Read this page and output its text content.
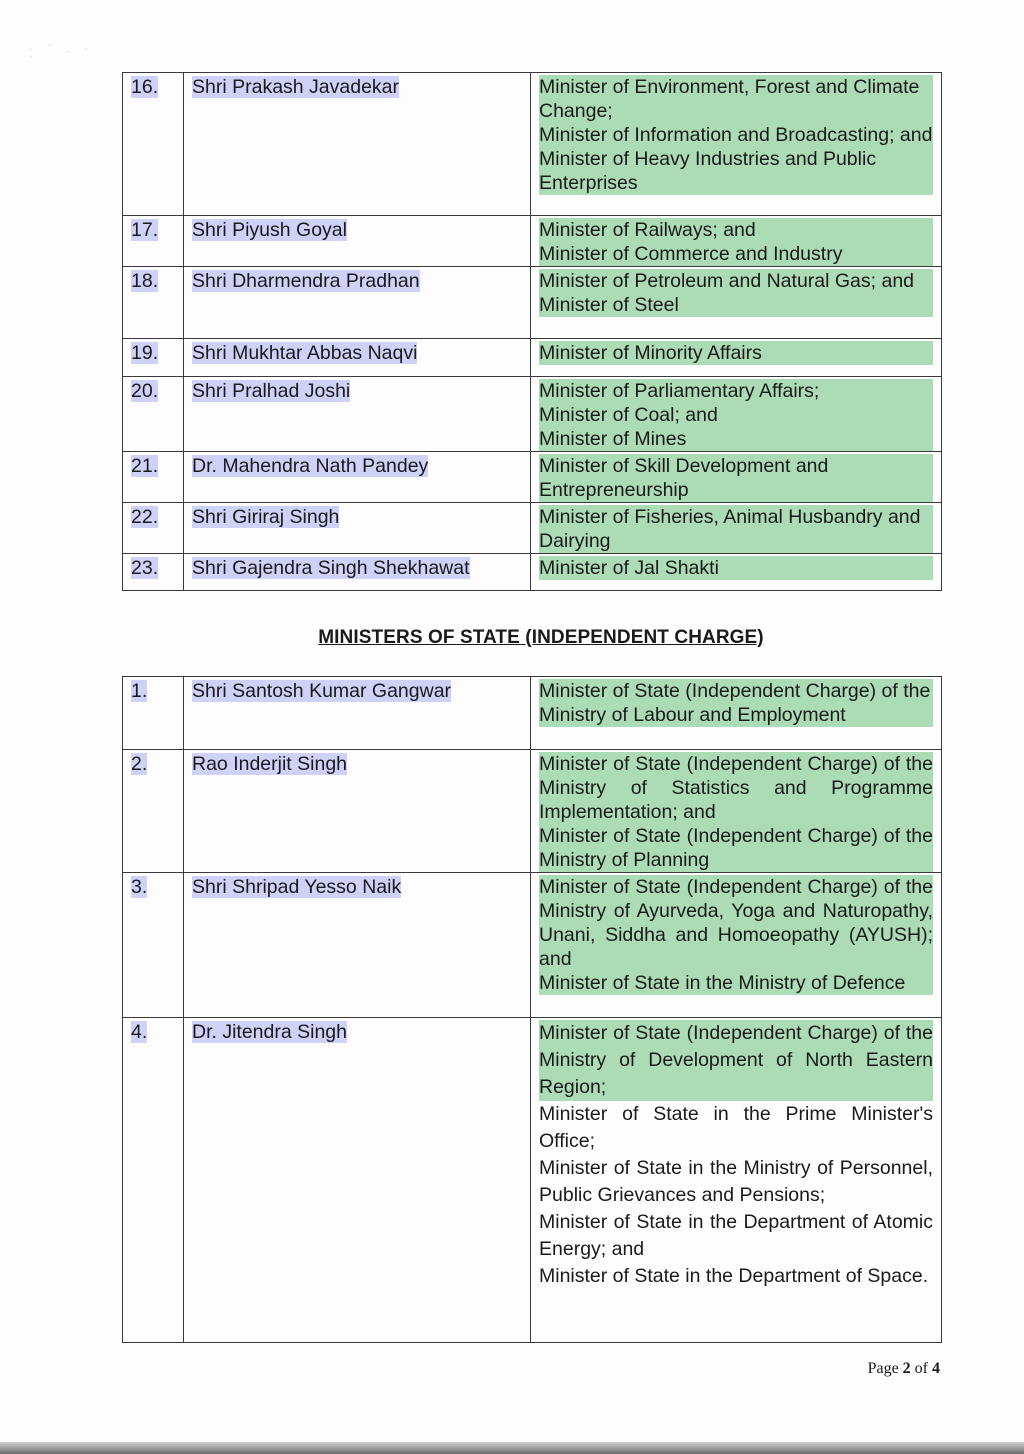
· ˙ . · ˙
16.	Shri Prakash Javadekar	Minister of Environment, Forest and Climate Change;
Minister of Information and Broadcasting; and
Minister of Heavy Industries and Public Enterprises

17.	Shri Piyush Goyal	Minister of Railways; and
Minister of Commerce and Industry

18.	Shri Dharmendra Pradhan	Minister of Petroleum and Natural Gas; and
Minister of Steel

19.	Shri Mukhtar Abbas Naqvi	Minister of Minority Affairs

20.	Shri Pralhad Joshi	Minister of Parliamentary Affairs;
Minister of Coal; and
Minister of Mines

21.	Dr. Mahendra Nath Pandey	Minister of Skill Development and Entrepreneurship

22.	Shri Giriraj Singh	Minister of Fisheries, Animal Husbandry and Dairying

23.	Shri Gajendra Singh Shekhawat	Minister of Jal Shakti
MINISTERS OF STATE (INDEPENDENT CHARGE)
1.	Shri Santosh Kumar Gangwar	Minister of State (Independent Charge) of the Ministry of Labour and Employment

2.	Rao Inderjit Singh	Minister of State (Independent Charge) of the Ministry of Statistics and Programme Implementation; and
Minister of State (Independent Charge) of the Ministry of Planning

3.	Shri Shripad Yesso Naik	Minister of State (Independent Charge) of the Ministry of Ayurveda, Yoga and Naturopathy, Unani, Siddha and Homoeopathy (AYUSH); and
Minister of State in the Ministry of Defence

4.	Dr. Jitendra Singh	Minister of State (Independent Charge) of the Ministry of Development of North Eastern Region;
Minister of State in the Prime Minister's Office;
Minister of State in the Ministry of Personnel, Public Grievances and Pensions;
Minister of State in the Department of Atomic Energy; and
Minister of State in the Department of Space.
Page 2 of 4
